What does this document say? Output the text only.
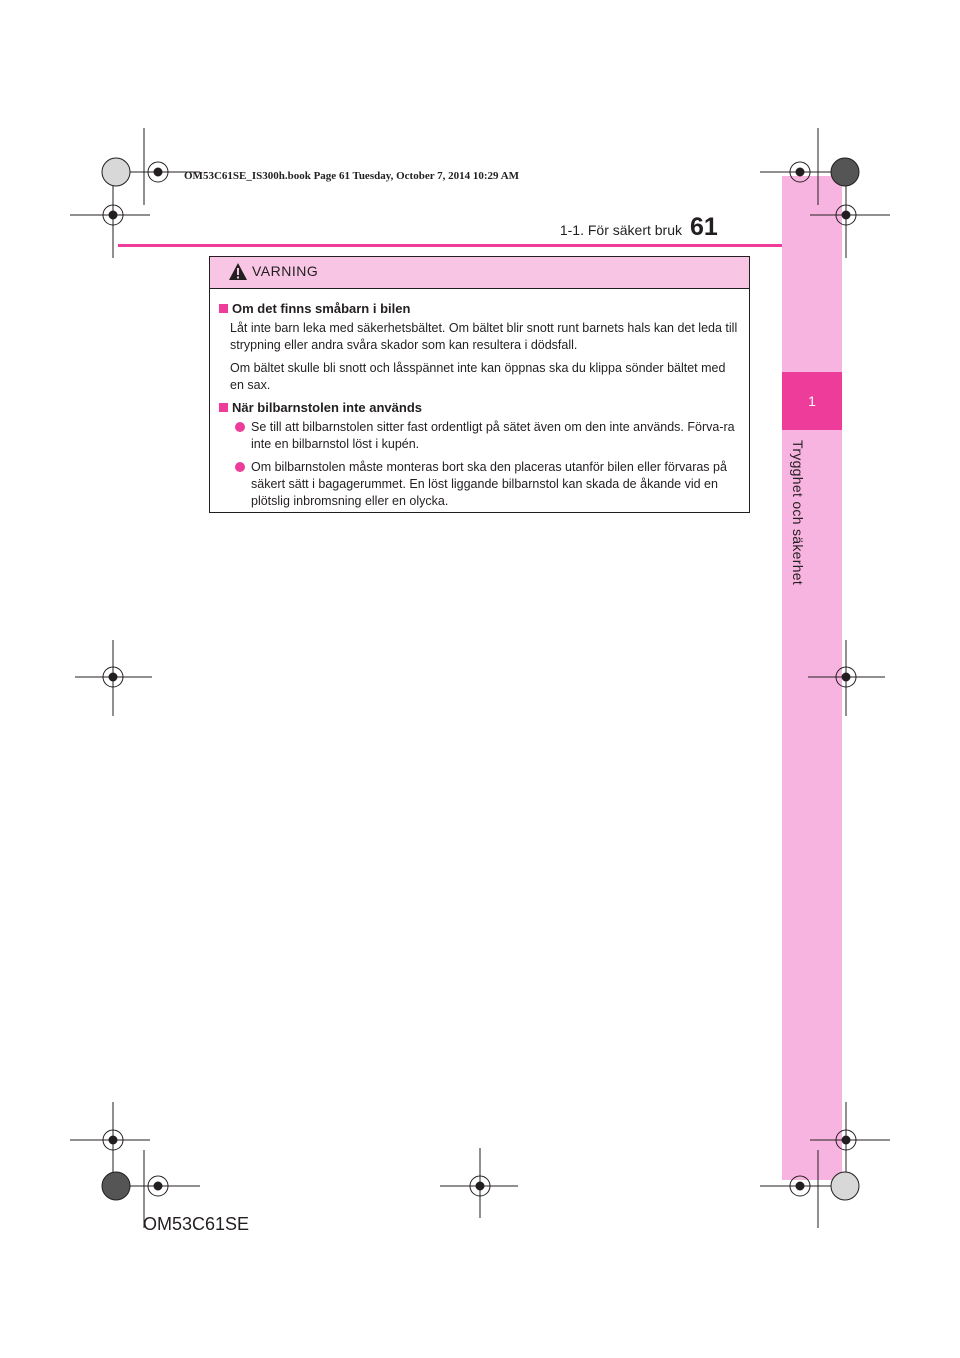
1
Trygghet och säkerhet
OM53C61SE_IS300h.book Page 61 Tuesday, October 7, 2014 10:29 AM
1-1. För säkert bruk 61
VARNING
Om det finns småbarn i bilen

Låt inte barn leka med säkerhetsbältet. Om bältet blir snott runt barnets hals kan det leda till strypning eller andra svåra skador som kan resultera i dödsfall.

Om bältet skulle bli snott och låsspännet inte kan öppnas ska du klippa sönder bältet med en sax.

När bilbarnstolen inte används
Se till att bilbarnstolen sitter fast ordentligt på sätet även om den inte används. Förva-ra inte en bilbarnstol löst i kupén.
Om bilbarnstolen måste monteras bort ska den placeras utanför bilen eller förvaras på säkert sätt i bagagerummet. En löst liggande bilbarnstol kan skada de åkande vid en plötslig inbromsning eller en olycka.
OM53C61SE
